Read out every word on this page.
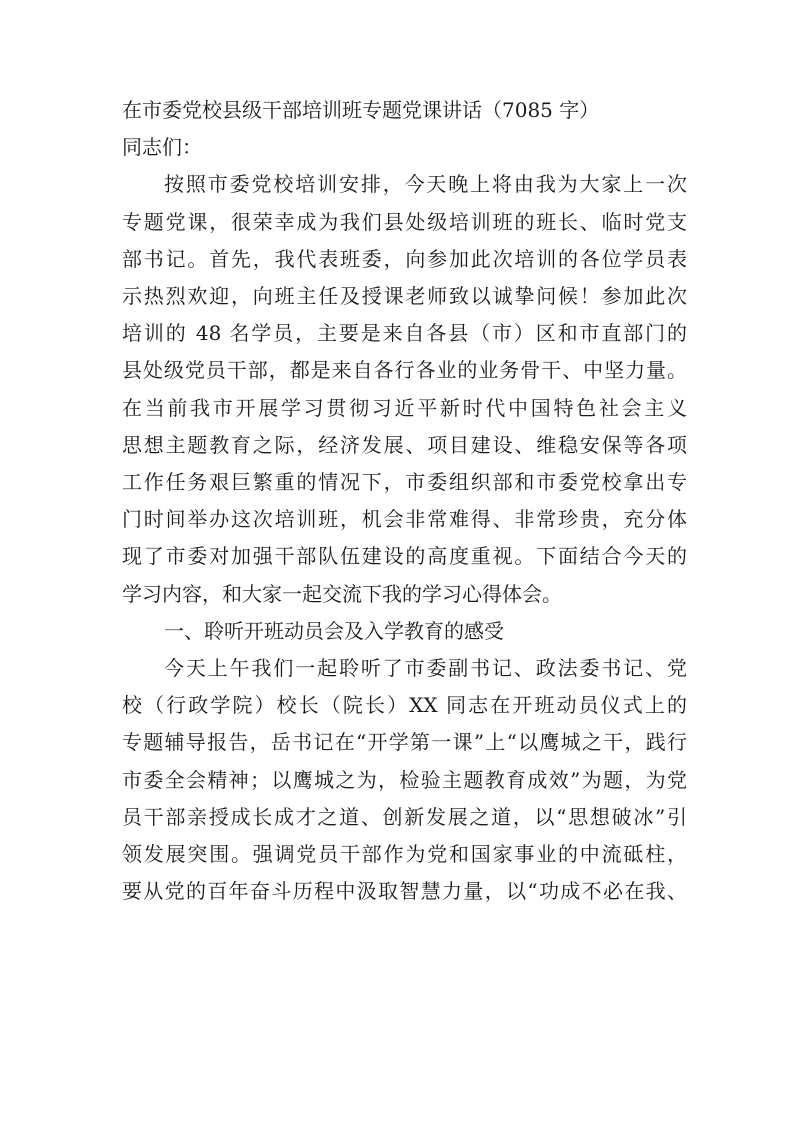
在市委党校县级干部培训班专题党课讲话（7085 字）

同志们：

按照市委党校培训安排，今天晚上将由我为大家上一次

专题党课，很荣幸成为我们县处级培训班的班长、临时党支

部书记。首先，我代表班委，向参加此次培训的各位学员表

示热烈欢迎，向班主任及授课老师致以诚挚问候！参加此次

培训的 48 名学员，主要是来自各县（市）区和市直部门的

县处级党员干部，都是来自各行各业的业务骨干、中坚力量。

在当前我市开展学习贯彻习近平新时代中国特色社会主义

思想主题教育之际，经济发展、项目建设、维稳安保等各项

工作任务艰巨繁重的情况下，市委组织部和市委党校拿出专

门时间举办这次培训班，机会非常难得、非常珍贵，充分体

现了市委对加强干部队伍建设的高度重视。下面结合今天的

学习内容，和大家一起交流下我的学习心得体会。

一、聆听开班动员会及入学教育的感受

今天上午我们一起聆听了市委副书记、政法委书记、党

校（行政学院）校长（院长）XX 同志在开班动员仪式上的

专题辅导报告，岳书记在“开学第一课”上“以鹰城之干，践行

市委全会精神；以鹰城之为，检验主题教育成效”为题，为党

员干部亲授成长成才之道、创新发展之道，以“思想破冰”引

领发展突围。强调党员干部作为党和国家事业的中流砥柱，

要从党的百年奋斗历程中汲取智慧力量，以“功成不必在我、
